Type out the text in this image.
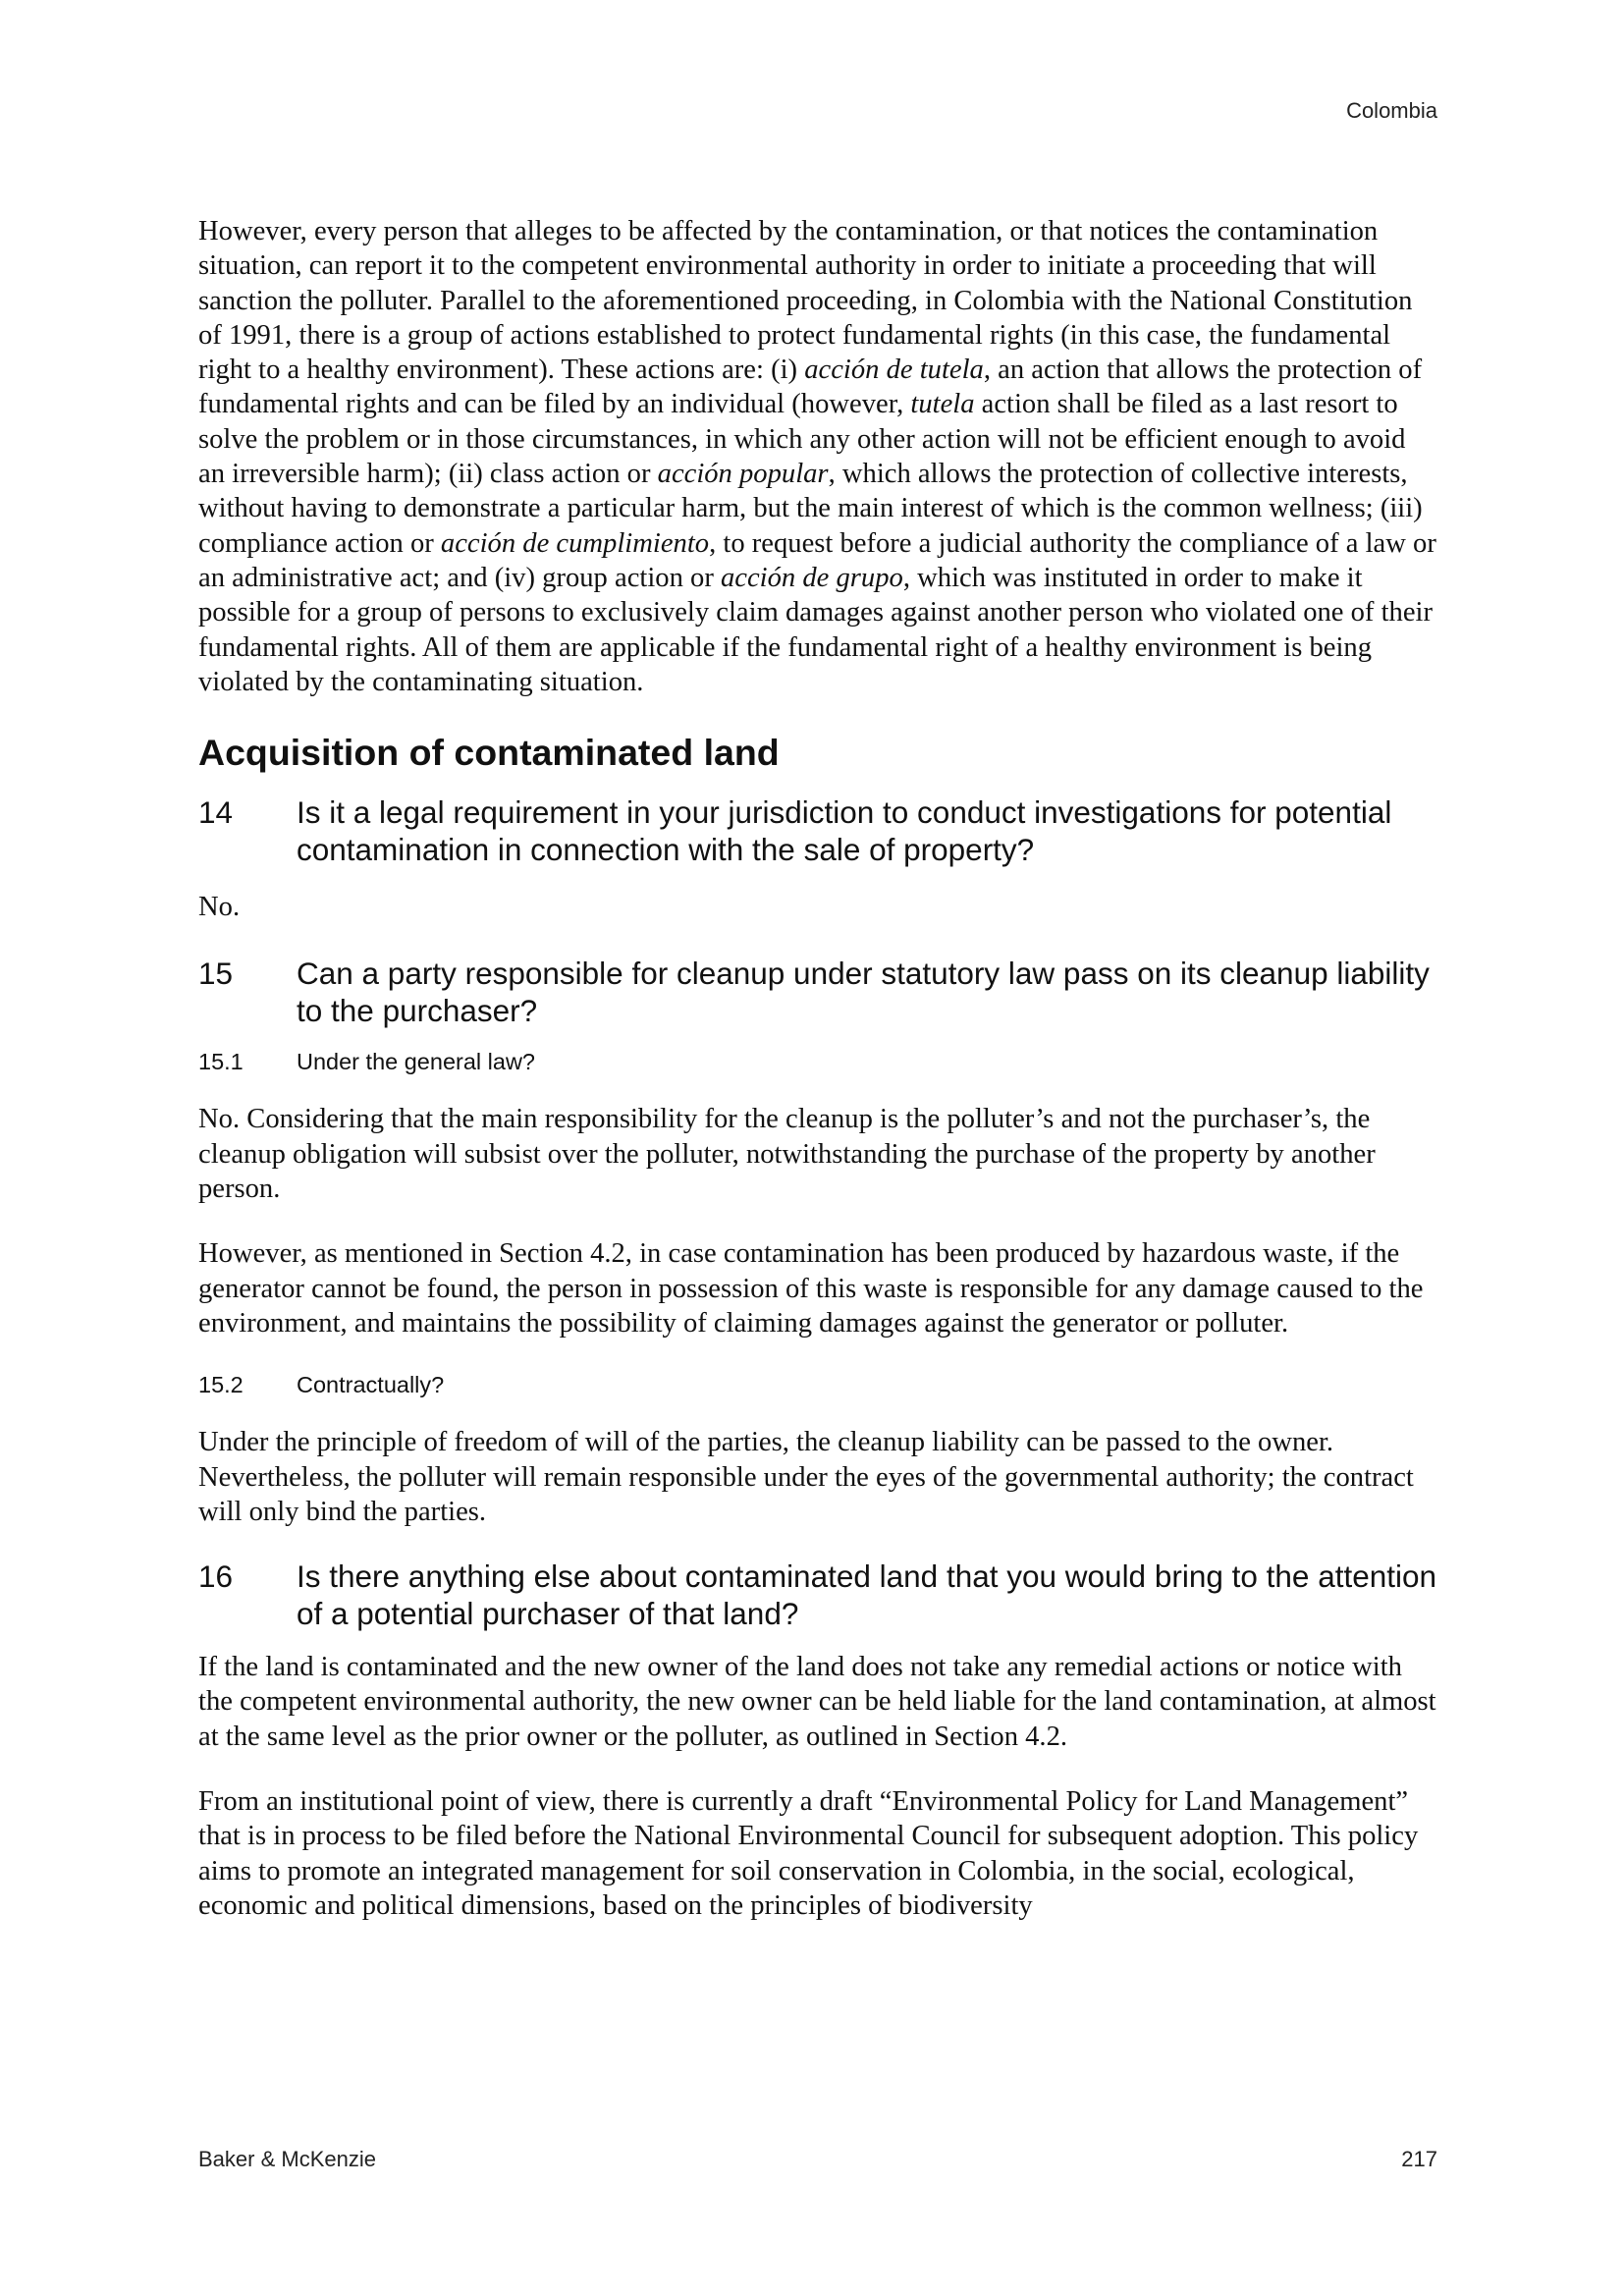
Colombia

However, every person that alleges to be affected by the contamination, or that notices the contamination situation, can report it to the competent environmental authority in order to initiate a proceeding that will sanction the polluter. Parallel to the aforementioned proceeding, in Colombia with the National Constitution of 1991, there is a group of actions established to protect fundamental rights (in this case, the fundamental right to a healthy environment). These actions are: (i) acción de tutela, an action that allows the protection of fundamental rights and can be filed by an individual (however, tutela action shall be filed as a last resort to solve the problem or in those circumstances, in which any other action will not be efficient enough to avoid an irreversible harm); (ii) class action or acción popular, which allows the protection of collective interests, without having to demonstrate a particular harm, but the main interest of which is the common wellness; (iii) compliance action or acción de cumplimiento, to request before a judicial authority the compliance of a law or an administrative act; and (iv) group action or acción de grupo, which was instituted in order to make it possible for a group of persons to exclusively claim damages against another person who violated one of their fundamental rights. All of them are applicable if the fundamental right of a healthy environment is being violated by the contaminating situation.

Acquisition of contaminated land
14	Is it a legal requirement in your jurisdiction to conduct investigations for potential contamination in connection with the sale of property?

No.

15	Can a party responsible for cleanup under statutory law pass on its cleanup liability to the purchaser?
15.1	Under the general law?

No. Considering that the main responsibility for the cleanup is the polluter’s and not the purchaser’s, the cleanup obligation will subsist over the polluter, notwithstanding the purchase of the property by another person.

However, as mentioned in Section 4.2, in case contamination has been produced by hazardous waste, if the generator cannot be found, the person in possession of this waste is responsible for any damage caused to the environment, and maintains the possibility of claiming damages against the generator or polluter.

15.2	Contractually?

Under the principle of freedom of will of the parties, the cleanup liability can be passed to the owner. Nevertheless, the polluter will remain responsible under the eyes of the governmental authority; the contract will only bind the parties.

16	Is there anything else about contaminated land that you would bring to the attention of a potential purchaser of that land?

If the land is contaminated and the new owner of the land does not take any remedial actions or notice with the competent environmental authority, the new owner can be held liable for the land contamination, at almost at the same level as the prior owner or the polluter, as outlined in Section 4.2.

From an institutional point of view, there is currently a draft “Environmental Policy for Land Management” that is in process to be filed before the National Environmental Council for subsequent adoption. This policy aims to promote an integrated management for soil conservation in Colombia, in the social, ecological, economic and political dimensions, based on the principles of biodiversity

Baker & McKenzie	217
